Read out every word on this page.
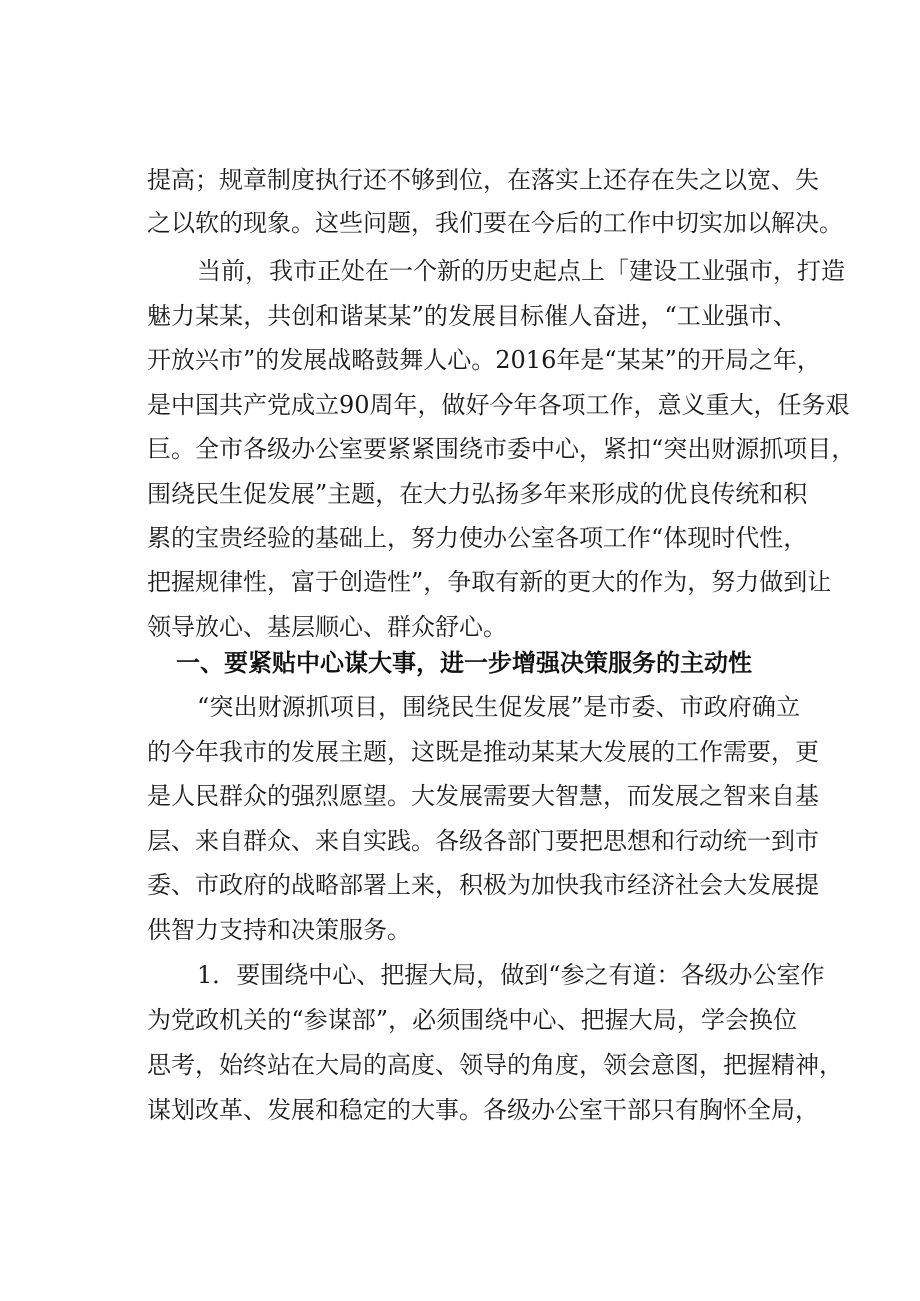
提高；规章制度执行还不够到位，在落实上还存在失之以宽、失
之以软的现象。这些问题，我们要在今后的工作中切实加以解决。
当前，我市正处在一个新的历史起点上「建设工业强市，打造
魅力某某，共创和谐某某”的发展目标催人奋进，“工业强市、
开放兴市”的发展战略鼓舞人心。2016年是“某某”的开局之年，
是中国共产党成立90周年，做好今年各项工作，意义重大，任务艰
巨。全市各级办公室要紧紧围绕市委中心，紧扣“突出财源抓项目，
围绕民生促发展”主题，在大力弘扬多年来形成的优良传统和积
累的宝贵经验的基础上，努力使办公室各项工作“体现时代性，
把握规律性，富于创造性”，争取有新的更大的作为，努力做到让
领导放心、基层顺心、群众舒心。
一、要紧贴中心谋大事，进一步增强决策服务的主动性
“突出财源抓项目，围绕民生促发展”是市委、市政府确立
的今年我市的发展主题，这既是推动某某大发展的工作需要，更
是人民群众的强烈愿望。大发展需要大智慧，而发展之智来自基
层、来自群众、来自实践。各级各部门要把思想和行动统一到市
委、市政府的战略部署上来，积极为加快我市经济社会大发展提
供智力支持和决策服务。
1．要围绕中心、把握大局，做到“参之有道：各级办公室作
为党政机关的“参谋部”，必须围绕中心、把握大局，学会换位
思考，始终站在大局的高度、领导的角度，领会意图，把握精神，
谋划改革、发展和稳定的大事。各级办公室干部只有胸怀全局，
